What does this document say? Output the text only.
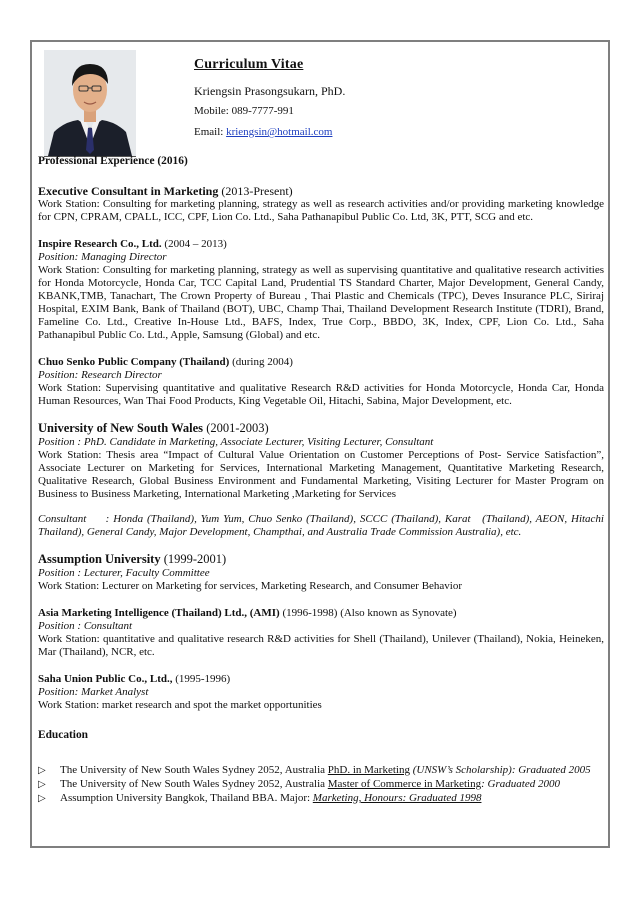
Curriculum Vitae
Kriengsin Prasongsukarn, PhD.
Mobile: 089-7777-991
Email: kriengsin@hotmail.com
Professional Experience (2016)
Executive Consultant in Marketing (2013-Present)
Work Station: Consulting for marketing planning, strategy as well as research activities and/or providing marketing knowledge for CPN, CPRAM, CPALL, ICC, CPF, Lion Co. Ltd., Saha Pathanapibul Public Co. Ltd, 3K, PTT, SCG and etc.
Inspire Research Co., Ltd. (2004 – 2013)
Position: Managing Director
Work Station: Consulting for marketing planning, strategy as well as supervising quantitative and qualitative research activities for Honda Motorcycle, Honda Car, TCC Capital Land, Prudential TS Standard Charter, Major Development, General Candy, KBANK,TMB, Tanachart, The Crown Property of Bureau , Thai Plastic and Chemicals (TPC), Deves Insurance PLC, Siriraj Hospital, EXIM Bank, Bank of Thailand (BOT), UBC, Champ Thai, Thailand Development Research Institute (TDRI), Brand, Fameline Co. Ltd., Creative In-House Ltd., BAFS, Index, True Corp., BBDO, 3K, Index, CPF, Lion Co. Ltd., Saha Pathanapibul Public Co. Ltd., Apple, Samsung (Global) and etc.
Chuo Senko Public Company (Thailand) (during 2004)
Position: Research Director
Work Station: Supervising quantitative and qualitative Research R&D activities for Honda Motorcycle, Honda Car, Honda Human Resources, Wan Thai Food Products, King Vegetable Oil, Hitachi, Sabina, Major Development, etc.
University of New South Wales (2001-2003)
Position : PhD. Candidate in Marketing, Associate Lecturer, Visiting Lecturer, Consultant
Work Station: Thesis area “Impact of Cultural Value Orientation on Customer Perceptions of Post- Service Satisfaction”, Associate Lecturer on Marketing for Services, International Marketing Management, Quantitative Marketing Research, Qualitative Research, Global Business Environment and Fundamental Marketing, Visiting Lecturer for Master Program on Business to Business Marketing, International Marketing ,Marketing for Services
Consultant     : Honda (Thailand), Yum Yum, Chuo Senko (Thailand), SCCC (Thailand), Karat   (Thailand), AEON, Hitachi Thailand), General Candy, Major Development, Champthai, and Australia Trade Commission Australia), etc.
Assumption University (1999-2001)
Position : Lecturer, Faculty Committee
Work Station: Lecturer on Marketing for services, Marketing Research, and Consumer Behavior
Asia Marketing Intelligence (Thailand) Ltd., (AMI) (1996-1998) (Also known as Synovate)
Position : Consultant
Work Station: quantitative and qualitative research R&D activities for Shell (Thailand), Unilever (Thailand), Nokia, Heineken, Mar (Thailand), NCR, etc.
Saha Union Public Co., Ltd., (1995-1996)
Position: Market Analyst
Work Station: market research and spot the market opportunities
Education
▷ The University of New South Wales Sydney 2052, Australia PhD. in Marketing (UNSW’s Scholarship): Graduated 2005
▷ The University of New South Wales Sydney 2052, Australia Master of Commerce in Marketing: Graduated 2000
▷ Assumption University Bangkok, Thailand BBA. Major: Marketing, Honours: Graduated 1998
